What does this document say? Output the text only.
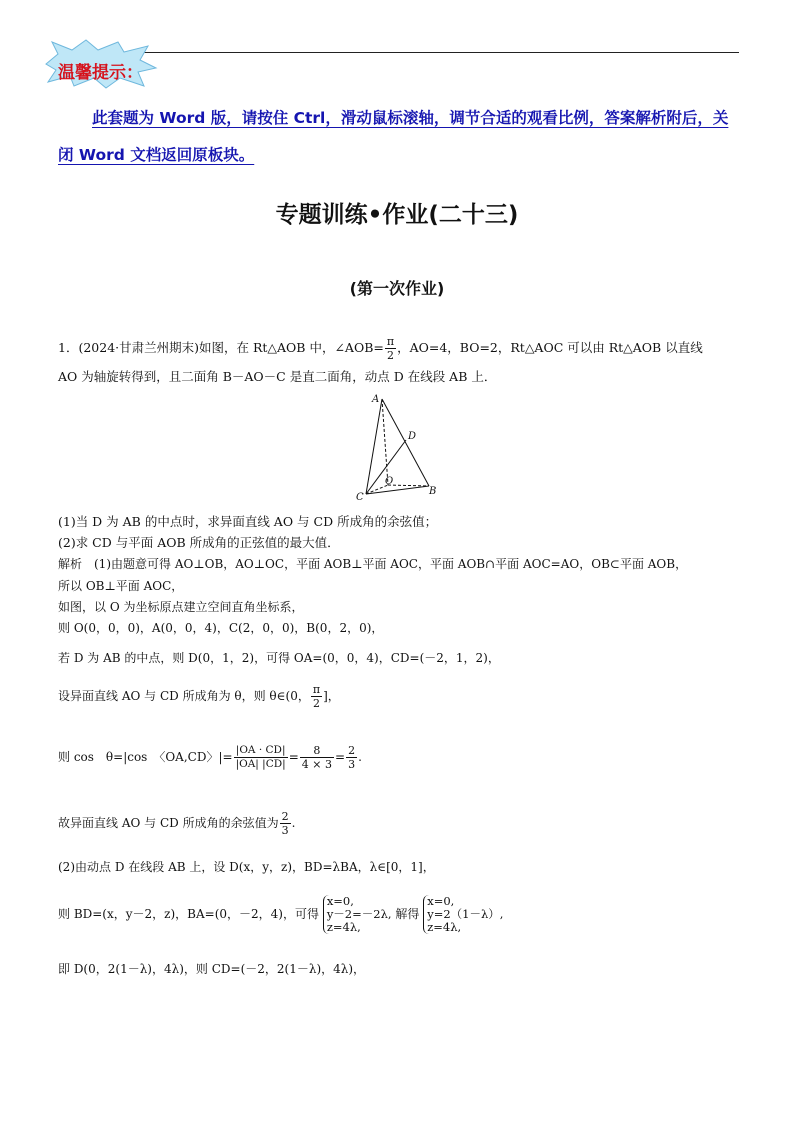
温馨提示：
此套题为 Word 版，请按住 Ctrl，滑动鼠标滚轴，调节合适的观看比例，答案解析附后，关闭 Word 文档返回原板块。
专题训练•作业(二十三)
(第一次作业)
1．(2024·甘肃兰州期末)如图，在 Rt△AOB 中，∠AOB= $\frac{\pi}{2}$ ，AO=4，BO=2，Rt△AOC 可以由 Rt△AOB 以直线
AO 为轴旋转得到，且二面角 B－AO－C 是直二面角，动点 D 在线段 AB 上．
A
D
O
C
B
(1)当 D 为 AB 的中点时，求异面直线 AO 与 CD 所成角的余弦值；
(2)求 CD 与平面 AOB 所成角的正弦值的最大值．
解析　(1)由题意可得 AO⊥OB，AO⊥OC，平面 AOB⊥平面 AOC，平面 AOB∩平面 AOC=AO，OB⊂平面 AOB，
所以 OB⊥平面 AOC，
如图，以 O 为坐标原点建立空间直角坐标系，
则 O(0，0，0)，A(0，0，4)，C(2，0，0)，B(0，2，0)，
若 D 为 AB 的中点，则 D(0，1，2)，可得 OA=(0，0，4)，CD=(－2，1，2)，
设异面直线 AO 与 CD 所成角为 θ，则 θ∈(0， $\frac{\pi}{2}$ ]，
则 cos　θ=|cos　〈OA,CD〉|= $\frac{|OA \cdot CD|}{|OA| |CD|} = \frac{8}{4 \times 3} = \frac{2}{3}$ .
故异面直线 AO 与 CD 所成角的余弦值为 $\frac{2}{3}$ .
(2)由动点 D 在线段 AB 上，设 D(x，y，z)，BD=λBA，λ∈[0，1]，
则 BD=(x，y－2，z)，BA=(0，－2，4)，可得
x=0,
y－2=－2λ,
z=4λ,
解得
x=0,
y=2（1－λ）,
z=4λ,
即 D(0，2(1－λ)，4λ)，则 CD=(－2，2(1－λ)，4λ)，
